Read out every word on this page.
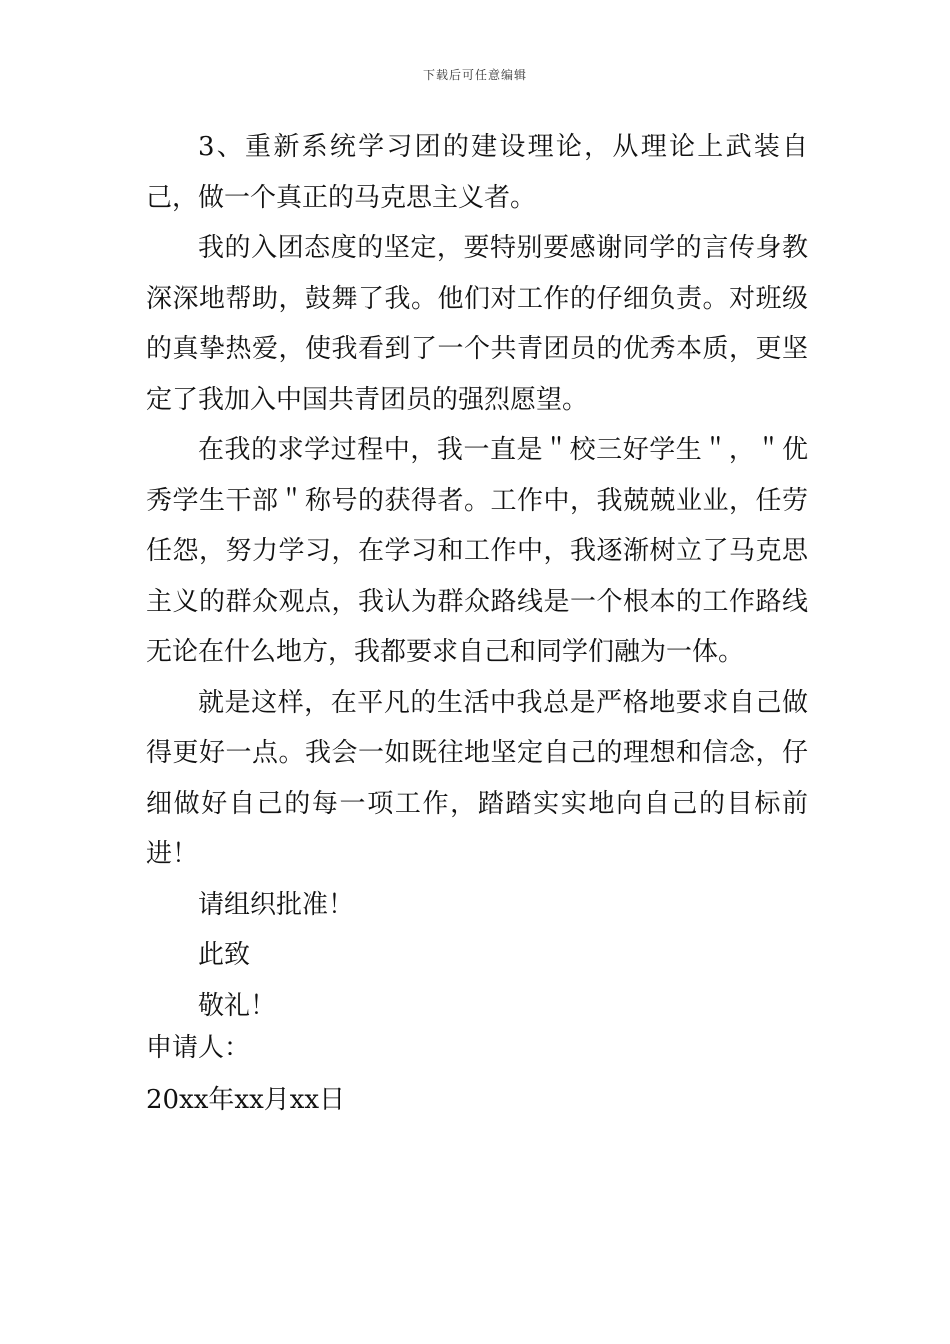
下载后可任意编辑

3、重新系统学习团的建设理论，从理论上武装自己，做一个真正的马克思主义者。

我的入团态度的坚定，要特别要感谢同学的言传身教深深地帮助，鼓舞了我。他们对工作的仔细负责。对班级的真挚热爱，使我看到了一个共青团员的优秀本质，更坚定了我加入中国共青团员的强烈愿望。

在我的求学过程中，我一直是＂校三好学生＂，＂优秀学生干部＂称号的获得者。工作中，我兢兢业业，任劳任怨，努力学习，在学习和工作中，我逐渐树立了马克思主义的群众观点，我认为群众路线是一个根本的工作路线无论在什么地方，我都要求自己和同学们融为一体。

就是这样，在平凡的生活中我总是严格地要求自己做得更好一点。我会一如既往地坚定自己的理想和信念，仔细做好自己的每一项工作，踏踏实实地向自己的目标前进！

请组织批准！

此致

敬礼！

申请人：

20xx年xx月xx日
